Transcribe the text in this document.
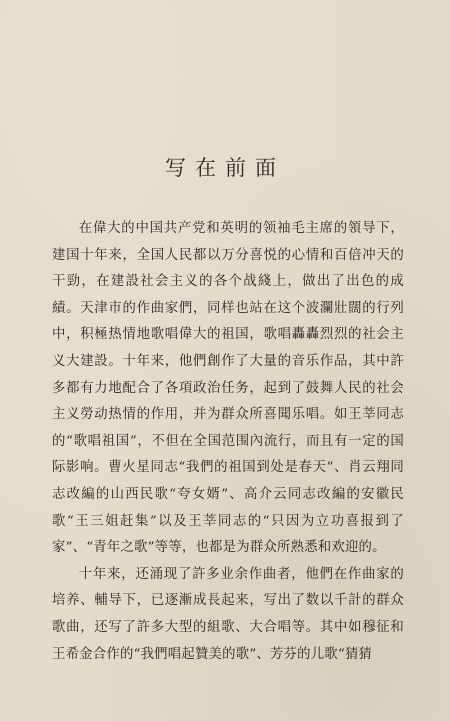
写在前面

在偉大的中国共产党和英明的领袖毛主席的領导下，建国十年来，全国人民都以万分喜悦的心情和百倍冲天的干勁，在建設社会主义的各个战綫上，做出了出色的成績。天津市的作曲家們，同样也站在这个波瀾壯闊的行列中，积極热情地歌唱偉大的祖国，歌唱轟轟烈烈的社会主义大建設。十年来，他們創作了大量的音乐作品，其中許多都有力地配合了各項政治任务，起到了鼓舞人民的社会主义勞动热情的作用，并为群众所喜聞乐唱。如王莘同志的“歌唱祖国”，不但在全国范围內流行，而且有一定的国际影响。曹火星同志“我們的祖国到处是春天”、肖云翔同志改編的山西民歌“夸女婿”、高介云同志改編的安徽民歌“王三姐赶集”以及王莘同志的“只因为立功喜报到了家”、“青年之歌”等等，也都是为群众所熟悉和欢迎的。

十年来，还涌现了許多业余作曲者，他們在作曲家的培养、輔导下，已逐漸成長起来，写出了数以千計的群众歌曲，还写了許多大型的組歌、大合唱等。其中如穆征和王希金合作的“我們唱起贊美的歌”、芳芬的儿歌“猜猜
